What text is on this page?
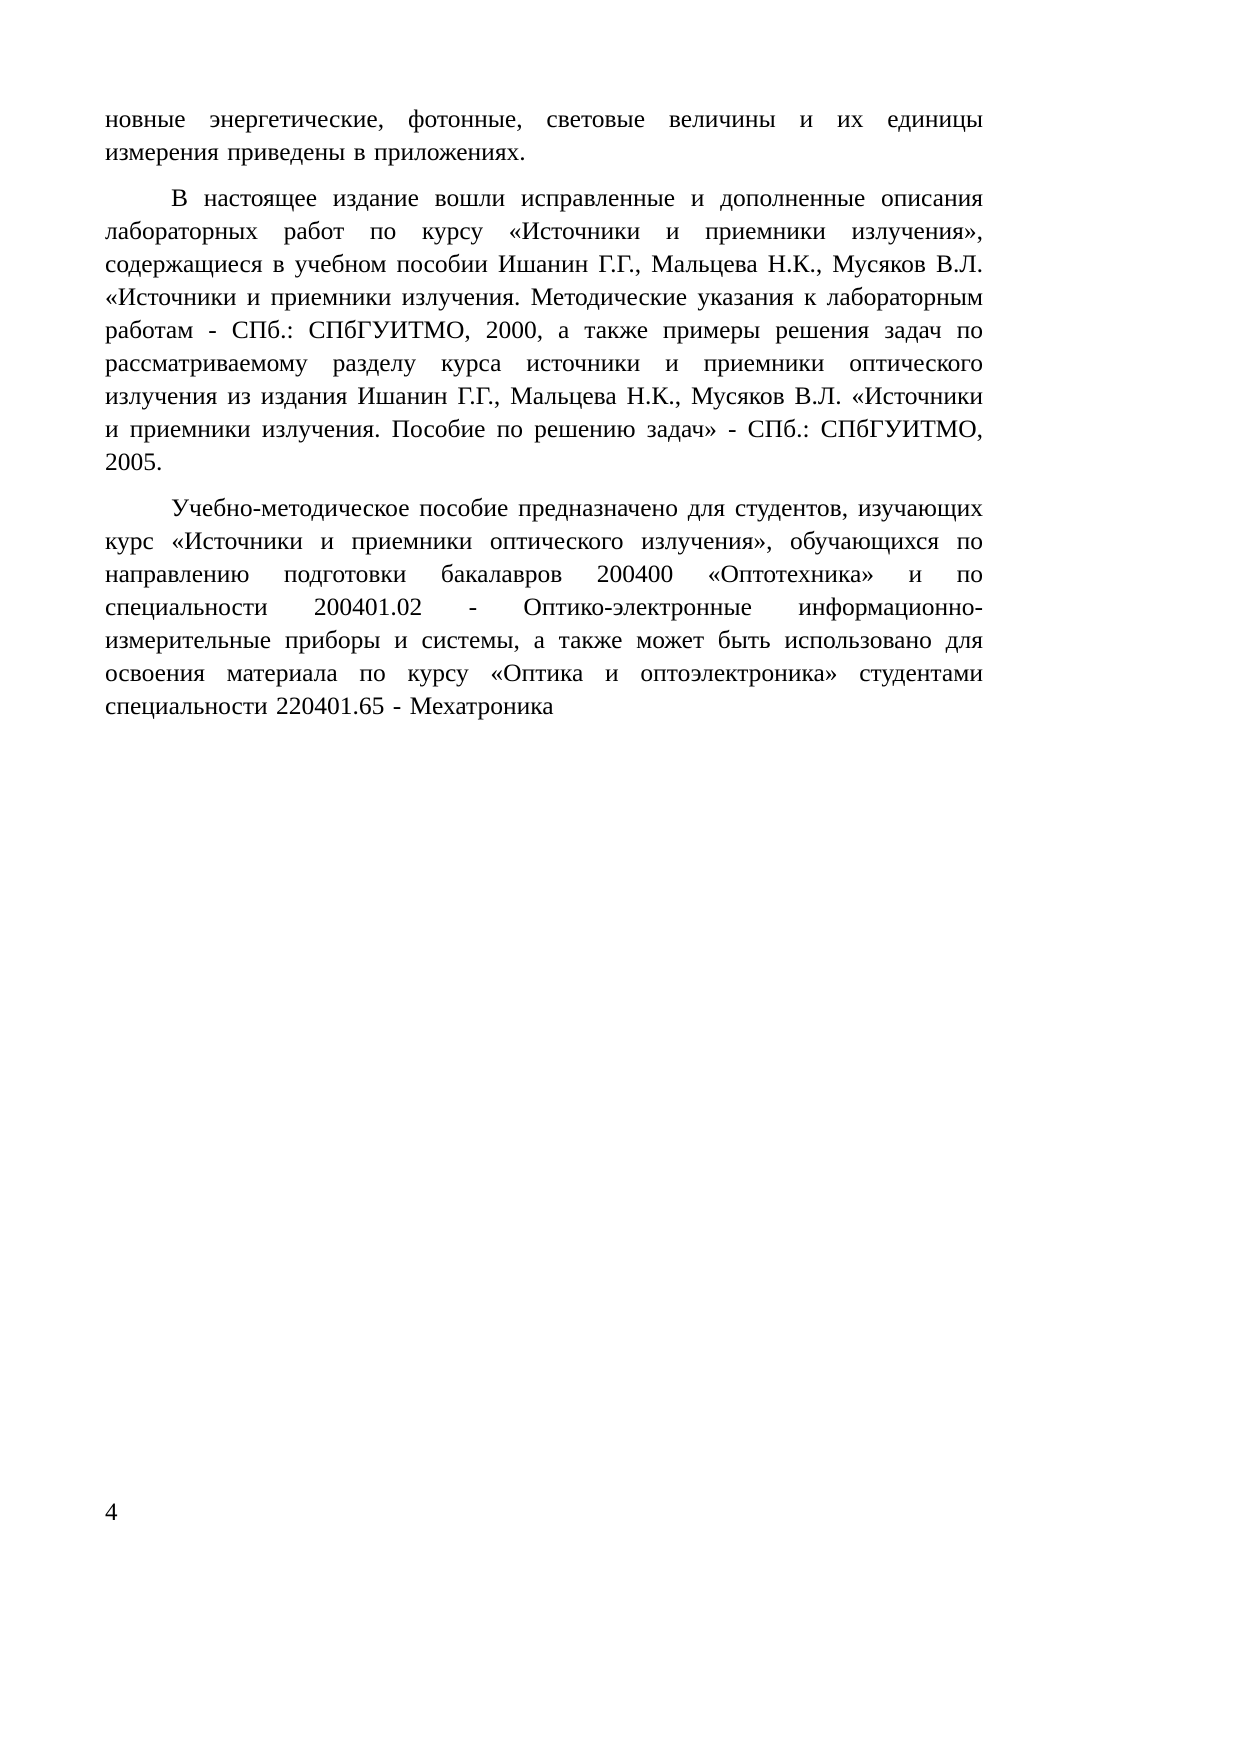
новные энергетические, фотонные, световые величины и их единицы измерения приведены в приложениях.

В настоящее издание вошли исправленные и дополненные описания лабораторных работ по курсу «Источники и приемники излучения», содержащиеся в учебном пособии Ишанин Г.Г., Мальцева Н.К., Мусяков В.Л. «Источники и приемники излучения. Методические указания к лабораторным работам - СПб.: СПбГУИТМО, 2000, а также примеры решения задач по рассматриваемому разделу курса источники и приемники оптического излучения из издания Ишанин Г.Г., Мальцева Н.К., Мусяков В.Л. «Источники и приемники излучения. Пособие по решению задач» - СПб.: СПбГУИТМО, 2005.

Учебно-методическое пособие предназначено для студентов, изучающих курс «Источники и приемники оптического излучения», обучающихся по направлению подготовки бакалавров 200400 «Оптотехника» и по специальности 200401.02 - Оптико-электронные информационно-измерительные приборы и системы, а также может быть использовано для освоения материала по курсу «Оптика и оптоэлектроника» студентами специальности 220401.65 - Мехатроника

4
